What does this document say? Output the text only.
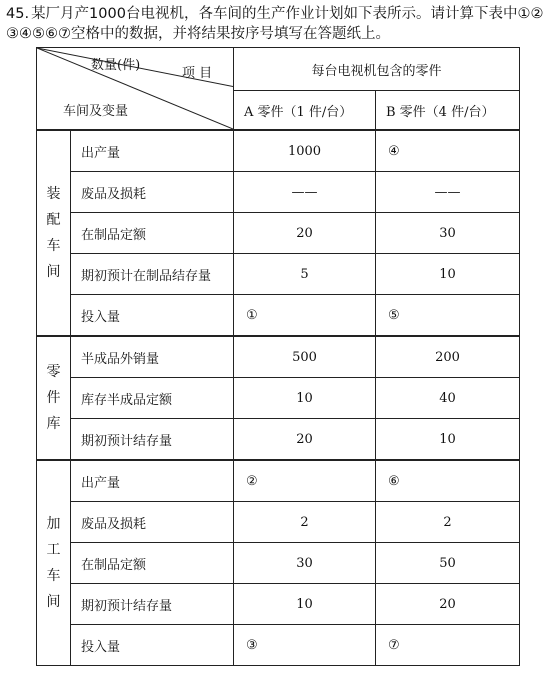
45. 某厂月产1000台电视机，各车间的生产作业计划如下表所示。请计算下表中①②
③④⑤⑥⑦空格中的数据，并将结果按序号填写在答题纸上。
数量(件)
项 目
车间及变量		每台电视机包含的零件	
		A 零件（1 件/台）	B 零件（4 件/台）
装
配
车
间	出产量	1000	④
	废品及损耗	——	——
	在制品定额	20	30
	期初预计在制品结存量	5	10
	投入量	①	⑤
零
件
库	半成品外销量	500	200
	库存半成品定额	10	40
	期初预计结存量	20	10
加
工
车
间	出产量	②	⑥
	废品及损耗	2	2
	在制品定额	30	50
	期初预计结存量	10	20
	投入量	③	⑦
